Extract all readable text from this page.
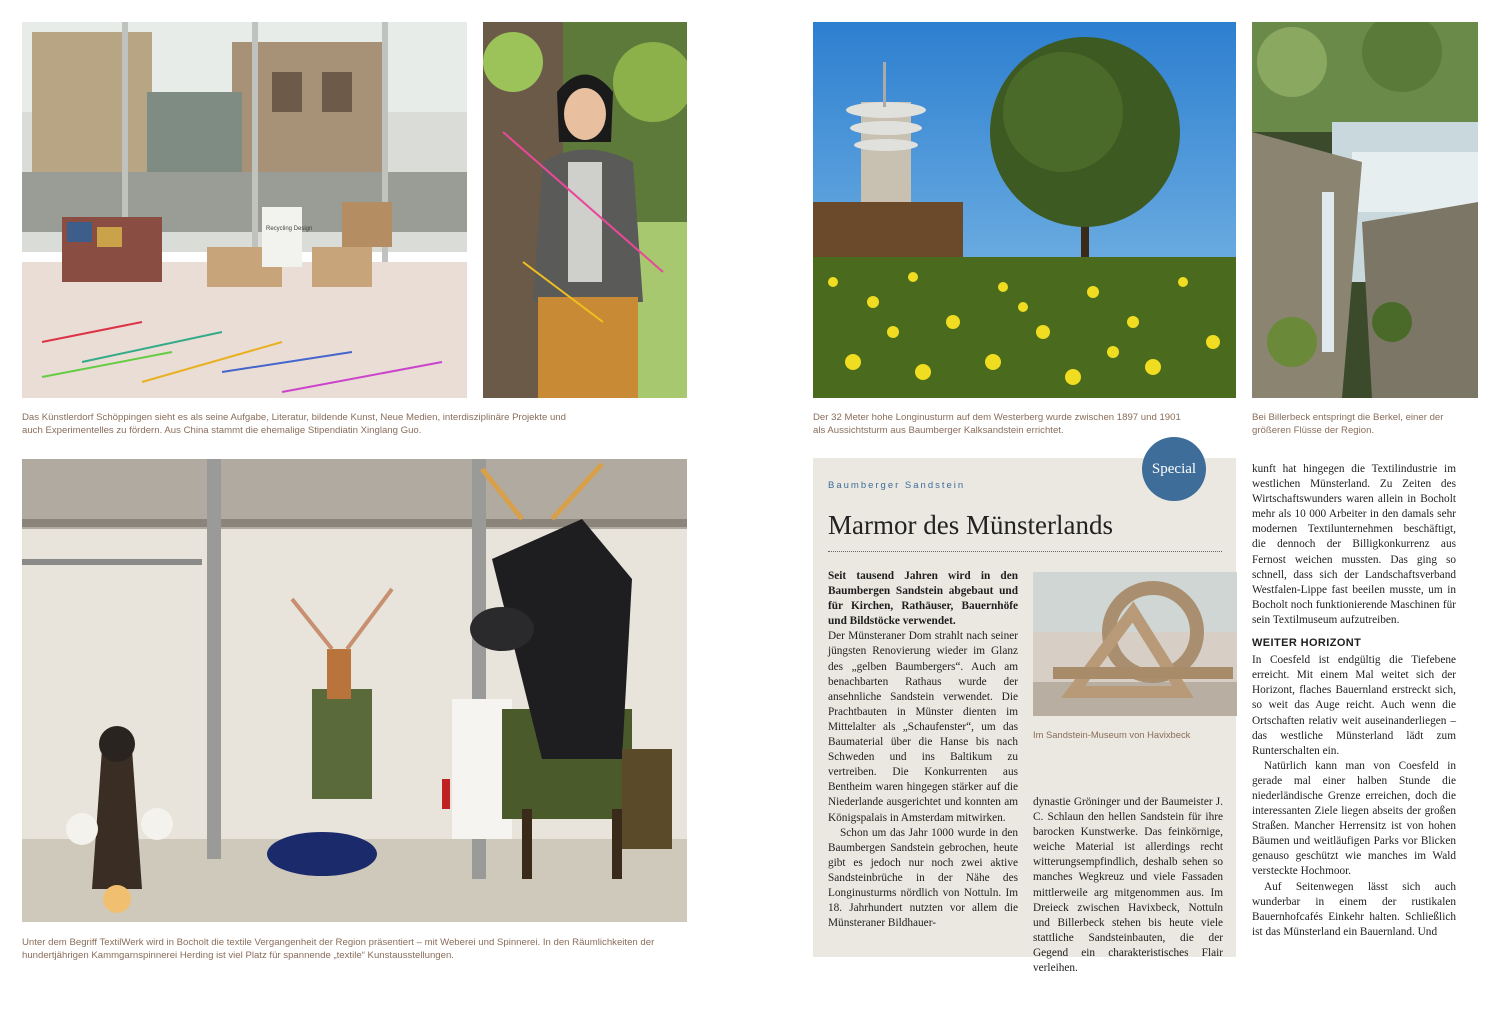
Recycling Design
Das Künstlerdorf Schöppingen sieht es als seine Aufgabe, Literatur, bildende Kunst, Neue Medien, interdisziplinäre Projekte und auch Experimentelles zu fördern. Aus China stammt die ehemalige Stipendiatin Xinglang Guo.
Der 32 Meter hohe Longinusturm auf dem Westerberg wurde zwischen 1897 und 1901 als Aussichtsturm aus Baumberger Kalksandstein errichtet.
Bei Billerbeck entspringt die Berkel, einer der größeren Flüsse der Region.
Unter dem Begriff TextilWerk wird in Bocholt die textile Vergangenheit der Region präsentiert – mit Weberei und Spinnerei. In den Räumlichkeiten der hundertjährigen Kammgarnspinnerei Herding ist viel Platz für spannende „textile“ Kunstausstellungen.
Special
Baumberger Sandstein
Marmor des Münsterlands

Seit tausend Jahren wird in den Baumbergen Sandstein abgebaut und für Kirchen, Rathäuser, Bauernhöfe und Bildstöcke verwendet.

Der Münsteraner Dom strahlt nach seiner jüngsten Renovierung wieder im Glanz des „gelben Baumbergers“. Auch am benachbarten Rathaus wurde der ansehnliche Sandstein verwendet. Die Prachtbauten in Münster dienten im Mittelalter als „Schaufenster“, um das Baumaterial über die Hanse bis nach Schweden und ins Baltikum zu vertreiben. Die Konkurrenten aus Bentheim waren hingegen stärker auf die Niederlande ausgerichtet und konnten am Königspalais in Amsterdam mitwirken.

Schon um das Jahr 1000 wurde in den Baumbergen Sandstein gebrochen, heute gibt es jedoch nur noch zwei aktive Sandsteinbrüche in der Nähe des Longinusturms nördlich von Nottuln. Im 18. Jahrhundert nutzten vor allem die Münsteraner Bildhauer-

Im Sandstein-Museum von Havixbeck

dynastie Gröninger und der Baumeister J. C. Schlaun den hellen Sandstein für ihre barocken Kunstwerke. Das feinkörnige, weiche Material ist allerdings recht witterungsempfindlich, deshalb sehen so manches Wegkreuz und viele Fassaden mittlerweile arg mitgenommen aus. Im Dreieck zwischen Havixbeck, Nottuln und Billerbeck stehen bis heute viele stattliche Sandsteinbauten, die der Gegend ein charakteristisches Flair verleihen.

kunft hat hingegen die Textilindustrie im westlichen Münsterland. Zu Zeiten des Wirtschaftswunders waren allein in Bocholt mehr als 10 000 Arbeiter in den damals sehr modernen Textilunternehmen beschäftigt, die dennoch der Billigkonkurrenz aus Fernost weichen mussten. Das ging so schnell, dass sich der Landschaftsverband Westfalen-Lippe fast beeilen musste, um in Bocholt noch funktionierende Maschinen für sein Textilmuseum aufzutreiben.

WEITER HORIZONT

In Coesfeld ist endgültig die Tiefebene erreicht. Mit einem Mal weitet sich der Horizont, flaches Bauernland erstreckt sich, so weit das Auge reicht. Auch wenn die Ortschaften relativ weit auseinanderliegen – das westliche Münsterland lädt zum Runterschalten ein.

Natürlich kann man von Coesfeld in gerade mal einer halben Stunde die niederländische Grenze erreichen, doch die interessanten Ziele liegen abseits der großen Straßen. Mancher Herrensitz ist von hohen Bäumen und weitläufigen Parks vor Blicken genauso geschützt wie manches im Wald versteckte Hochmoor.

Auf Seitenwegen lässt sich auch wunderbar in einem der rustikalen Bauernhofcafés Einkehr halten. Schließlich ist das Münsterland ein Bauernland. Und
